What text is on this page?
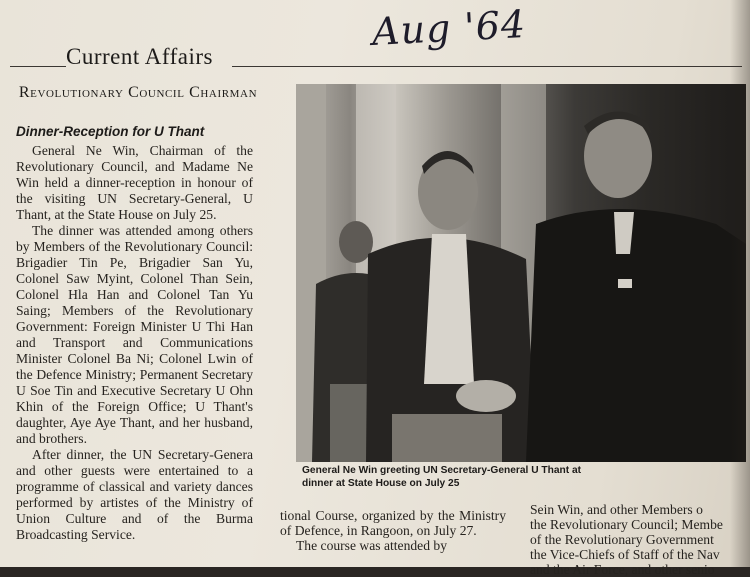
Current Affairs
Aug '64
Revolutionary Council Chairman
Dinner-Reception for U Thant

General Ne Win, Chairman of the Revolutionary Council, and Madame Ne Win held a dinner-reception in honour of the visiting UN Secretary-General, U Thant, at the State House on July 25.

The dinner was attended among others by Members of the Revolutionary Council: Brigadier Tin Pe, Brigadier San Yu, Colonel Saw Myint, Colonel Than Sein, Colonel Hla Han and Colonel Tan Yu Saing; Members of the Revolutionary Government: Foreign Minister U Thi Han and Transport and Communications Minister Colonel Ba Ni; Colonel Lwin of the Defence Ministry; Permanent Secretary U Soe Tin and Executive Secretary U Ohn Khin of the Foreign Office; U Thant's daughter, Aye Aye Thant, and her husband, and brothers.

After dinner, the UN Secretary-Genera and other guests were entertained to a programme of classical and variety dances performed by artistes of the Ministry of Union Culture and of the Burma Broadcasting Service.

General Ne Win greeting UN Secretary-General U Thant at dinner at State House on July 25

tional Course, organized by the Ministry of Defence, in Rangoon, on July 27.

The course was attended by

Sein Win, and other Members o
the Revolutionary Council; Membe
of the Revolutionary Government
the Vice-Chiefs of Staff of the Nav
and the Air Force, and other senio
